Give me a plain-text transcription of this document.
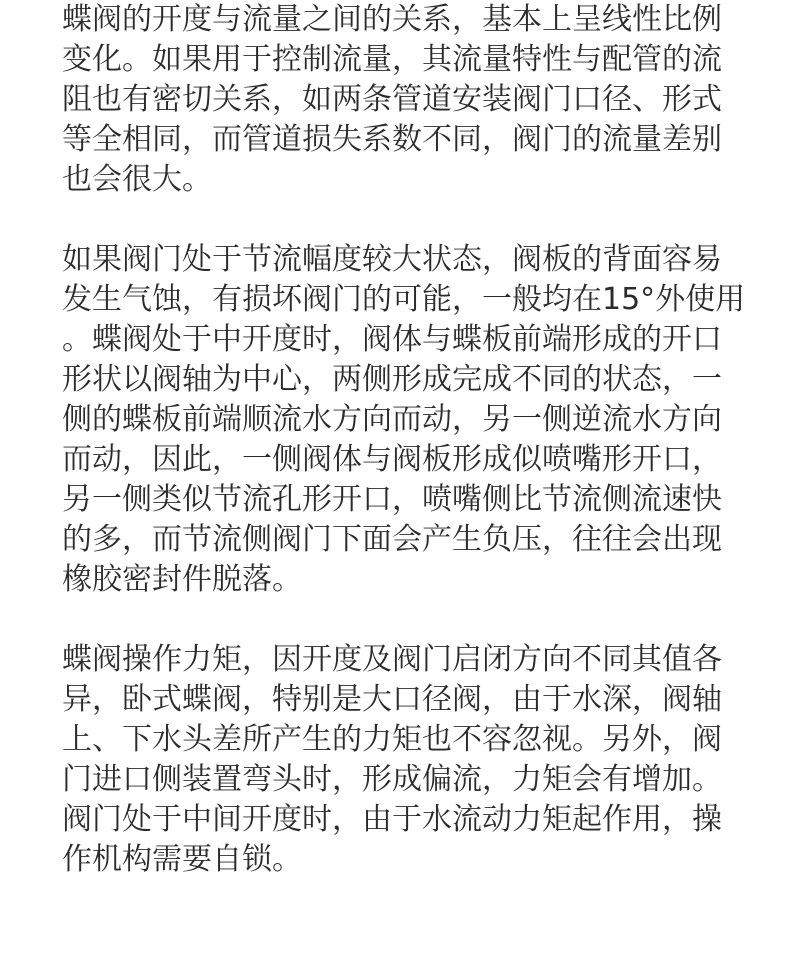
蝶阀的开度与流量之间的关系，基本上呈线性比例
变化。如果用于控制流量，其流量特性与配管的流
阻也有密切关系，如两条管道安装阀门口径、形式
等全相同，而管道损失系数不同，阀门的流量差别
也会很大。

如果阀门处于节流幅度较大状态，阀板的背面容易
发生气蚀，有损坏阀门的可能，一般均在15°外使用
。蝶阀处于中开度时，阀体与蝶板前端形成的开口
形状以阀轴为中心，两侧形成完成不同的状态，一
侧的蝶板前端顺流水方向而动，另一侧逆流水方向
而动，因此，一侧阀体与阀板形成似喷嘴形开口，
另一侧类似节流孔形开口，喷嘴侧比节流侧流速快
的多，而节流侧阀门下面会产生负压，往往会出现
橡胶密封件脱落。

蝶阀操作力矩，因开度及阀门启闭方向不同其值各
异，卧式蝶阀，特别是大口径阀，由于水深，阀轴
上、下水头差所产生的力矩也不容忽视。另外，阀
门进口侧装置弯头时，形成偏流，力矩会有增加。
阀门处于中间开度时，由于水流动力矩起作用，操
作机构需要自锁。
